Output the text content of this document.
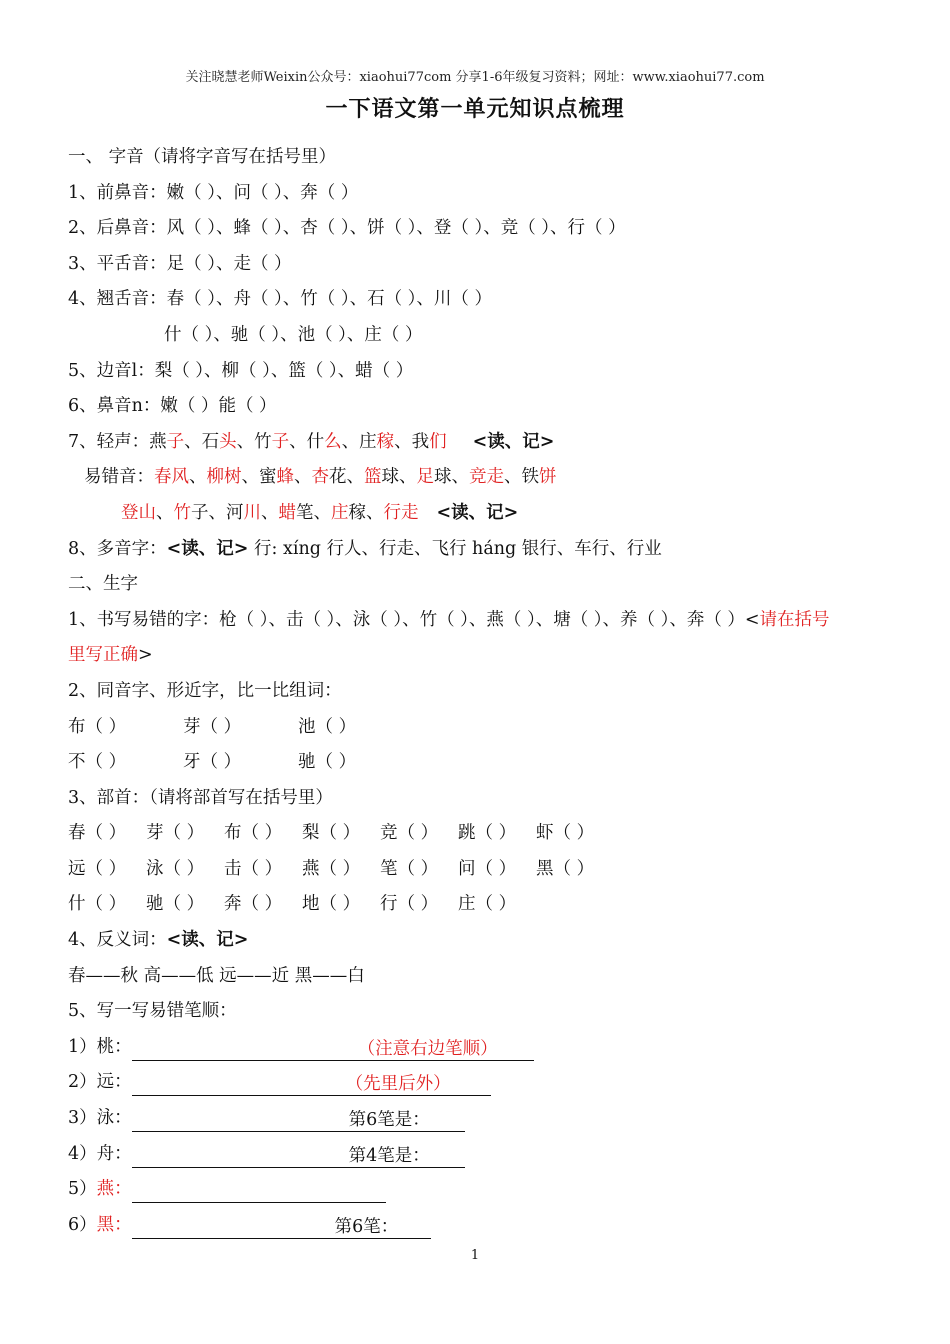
关注晓慧老师Weixin公众号：xiaohui77com 分享1-6年级复习资料；网址：www.xiaohui77.com
一下语文第一单元知识点梳理
一、 字音（请将字音写在括号里）
1、前鼻音：嫩（ ）、问（ ）、奔（ ）
2、后鼻音：风（ ）、蜂（ ）、杏（ ）、饼（ ）、登（ ）、竞（ ）、行（ ）
3、平舌音：足（ ）、走（ ）
4、翘舌音：春（ ）、舟（ ）、竹（ ）、石（ ）、川（ ）
什（ ）、驰（ ）、池（ ）、庄（ ）
5、边音l：梨（ ）、柳（ ）、篮（ ）、蜡（ ）
6、鼻音n：嫩（ ）能（ ）
7、轻声：燕子、石头、竹子、什么、庄稼、我们 <读、记>
易错音：春风、柳树、蜜蜂、杏花、篮球、足球、竞走、铁饼
登山、竹子、河川、蜡笔、庄稼、行走 <读、记>
8、多音字：<读、记> 行: xíng 行人、行走、飞行 háng 银行、车行、行业
二、生字
1、书写易错的字：枪（ ）、击（ ）、泳（ ）、竹（ ）、燕（ ）、塘（ ）、养（ ）、奔（ ）<请在括号
里写正确>
2、同音字、形近字，比一比组词：
布（ ）	芽（ ）	池（ ）
不（ ）	牙（ ）	驰（ ）
3、部首：（请将部首写在括号里）
春（ ） 芽（ ） 布（ ） 梨（ ） 竞（ ） 跳（ ） 虾（ ）
远（ ） 泳（ ） 击（ ） 燕（ ） 笔（ ） 问（ ） 黑（ ）
什（ ） 驰（ ） 奔（ ） 地（ ） 行（ ） 庄（ ）
4、反义词：<读、记>
春——秋 高——低 远——近 黑——白
5、写一写易错笔顺：
1）桃：	（注意右边笔顺）
2）远：	（先里后外）
3）泳：	第6笔是：
4）舟：	第4笔是：
5）燕：
6）黑：	第6笔：
1
